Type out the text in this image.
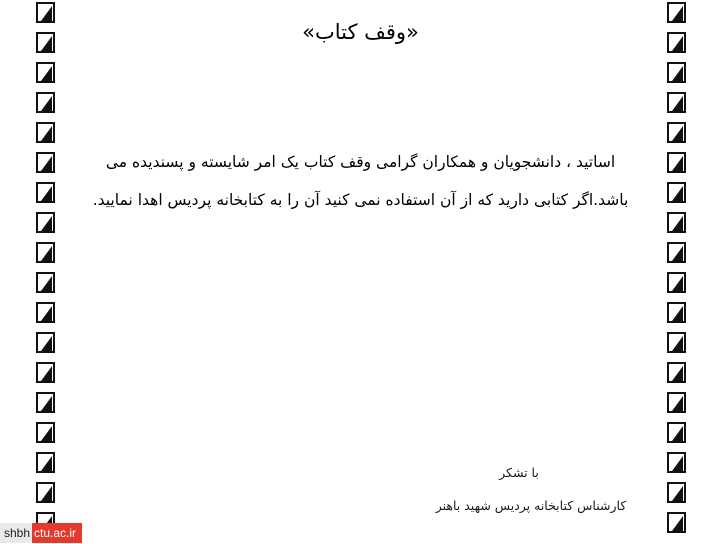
«وقف کتاب»

اساتید ، دانشجویان و همکاران گرامی وقف کتاب یک امر شایسته و پسندیده می باشد.اگر کتابی دارید که از آن استفاده نمی کنید آن را به کتابخانه پردیس اهدا نمایید.

با تشکر
کارشناس کتابخانه پردیس شهید باهنر
shbh ctu.ac.ir
